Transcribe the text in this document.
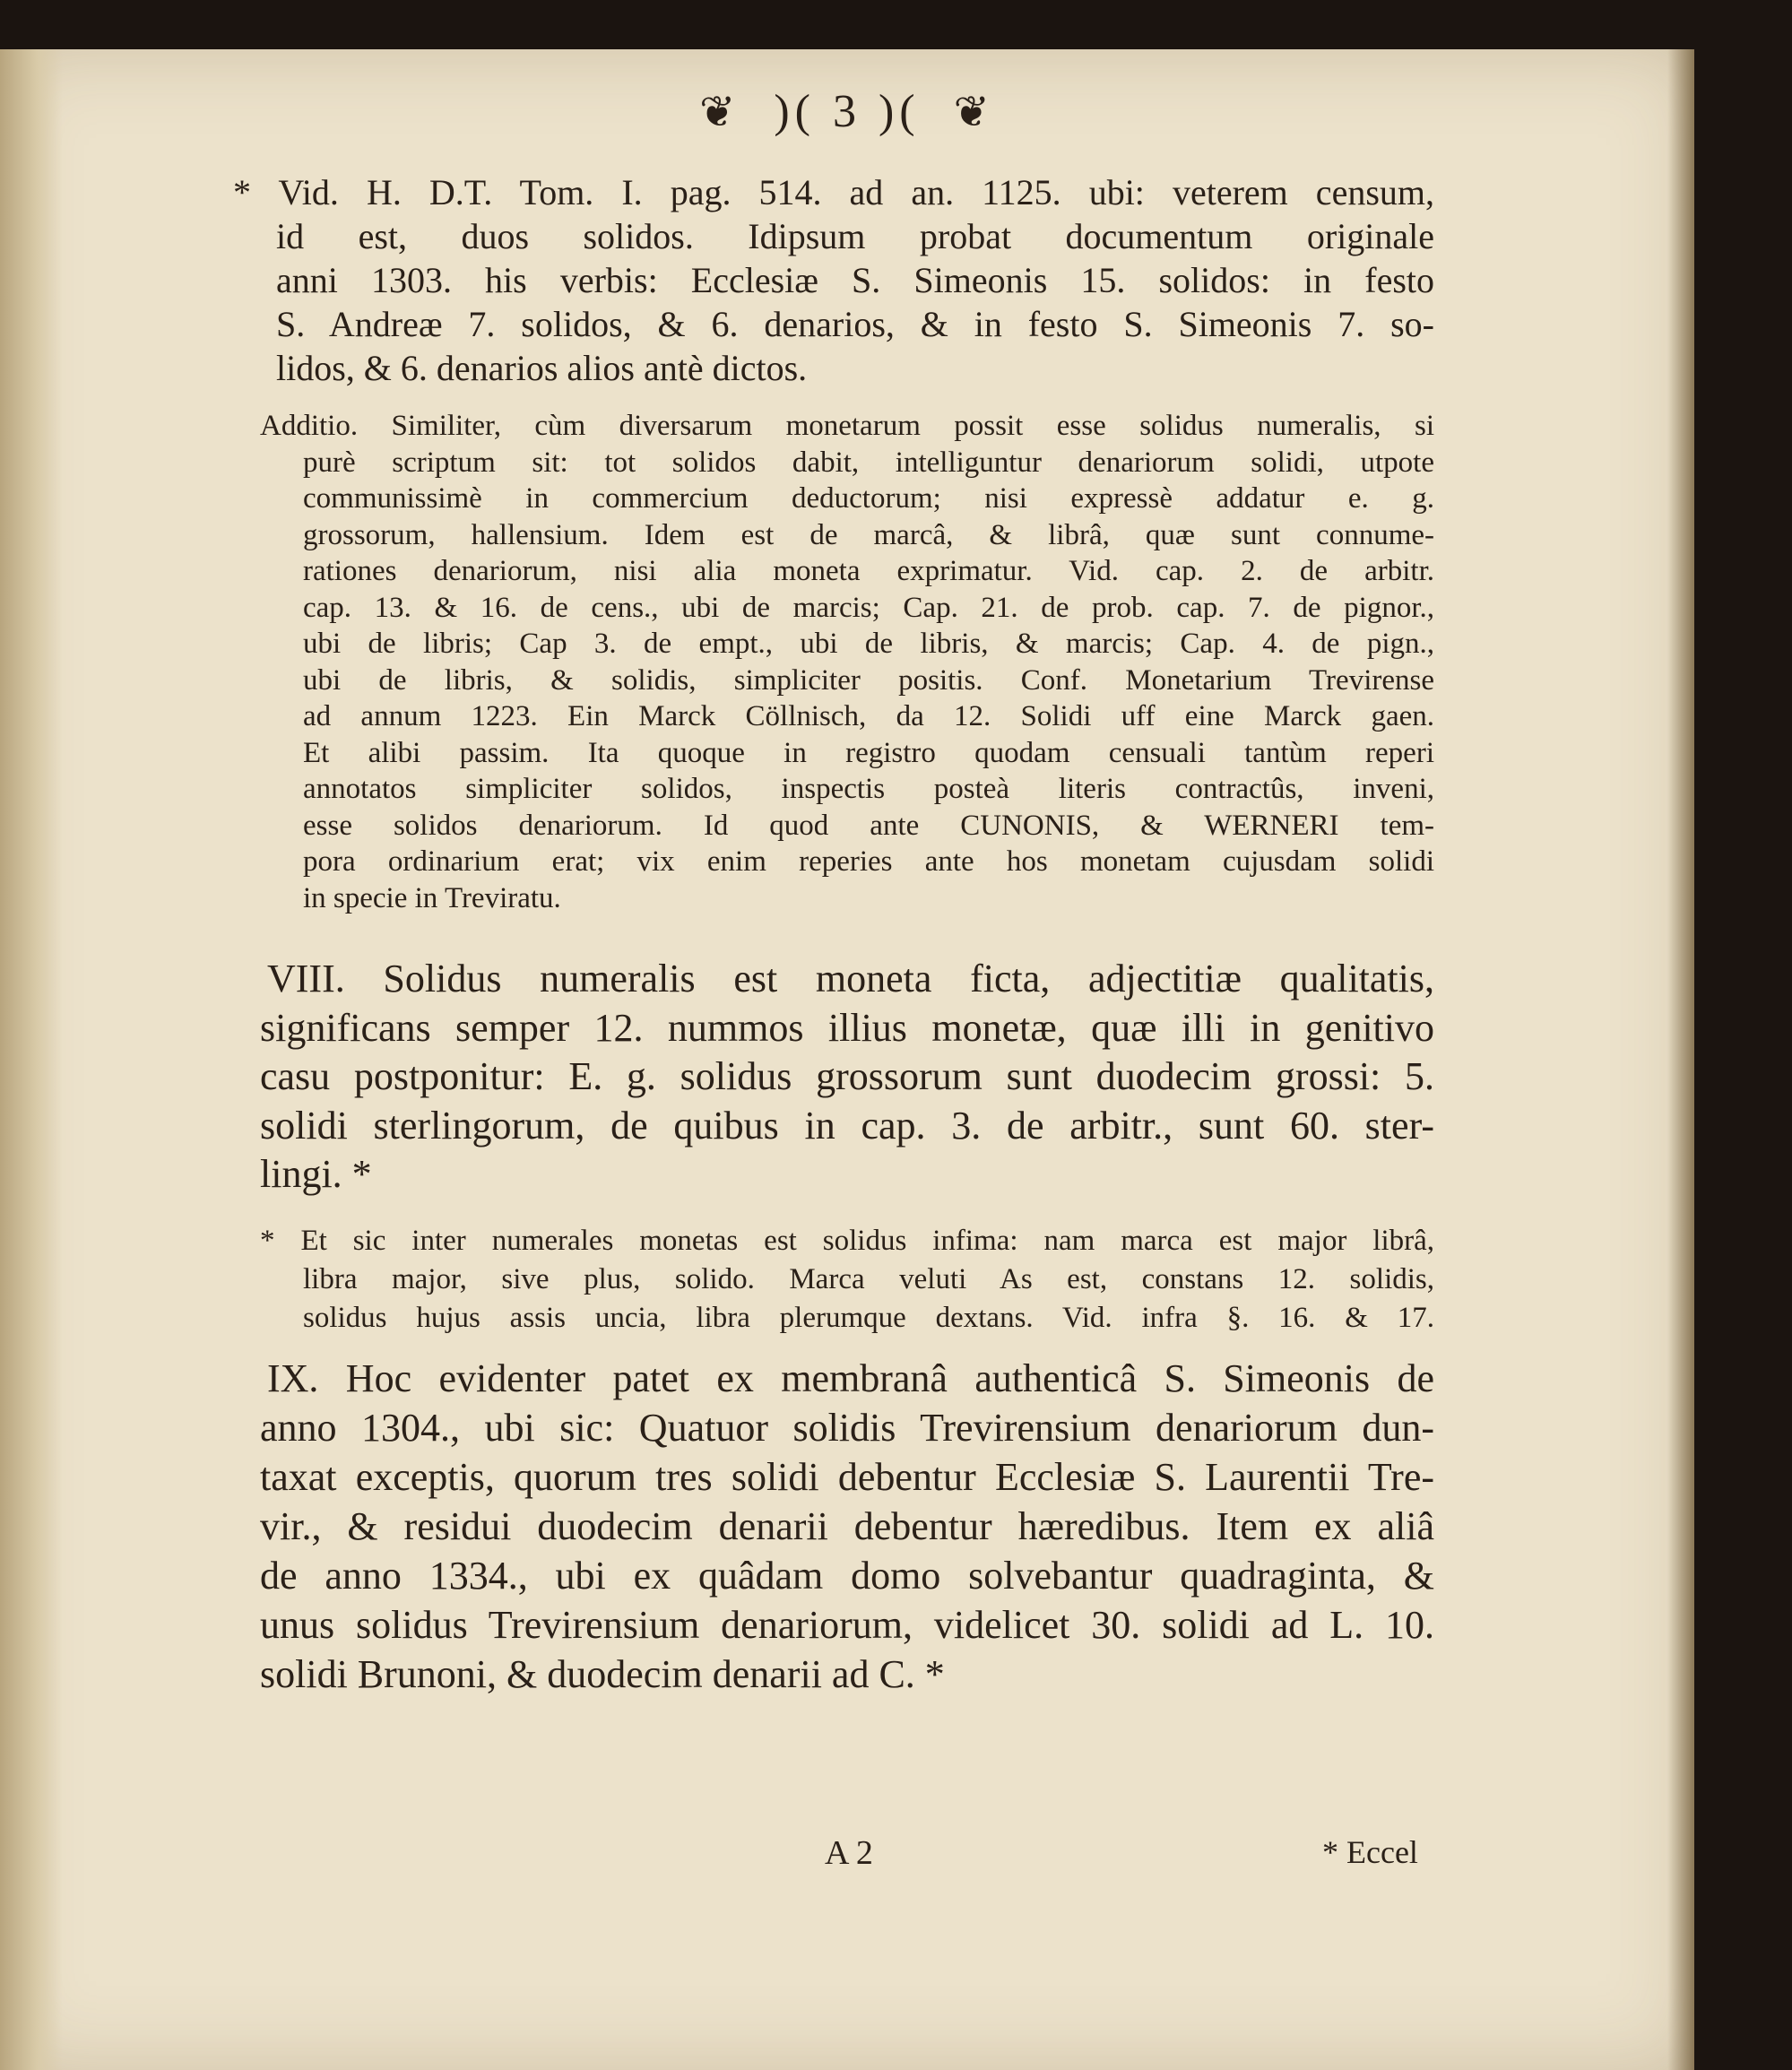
❦ )( 3 )( ❦
* Vid. H. D.T. Tom. I. pag. 514. ad an. 1125. ubi: veterem censum,
id est, duos solidos. Idipsum probat documentum originale
anni 1303. his verbis: Ecclesiæ S. Simeonis 15. solidos: in festo
S. Andreæ 7. solidos, & 6. denarios, & in festo S. Simeonis 7. so-
lidos, & 6. denarios alios antè dictos.
Additio. Similiter, cùm diversarum monetarum possit esse solidus numeralis, si
purè scriptum sit: tot solidos dabit, intelliguntur denariorum solidi, utpote
communissimè in commercium deductorum; nisi expressè addatur e. g.
grossorum, hallensium. Idem est de marcâ, & librâ, quæ sunt connume-
rationes denariorum, nisi alia moneta exprimatur. Vid. cap. 2. de arbitr.
cap. 13. & 16. de cens., ubi de marcis; Cap. 21. de prob. cap. 7. de pignor.,
ubi de libris; Cap 3. de empt., ubi de libris, & marcis; Cap. 4. de pign.,
ubi de libris, & solidis, simpliciter positis. Conf. Monetarium Trevirense
ad annum 1223. Ein Marck Cöllnisch, da 12. Solidi uff eine Marck gaen.
Et alibi passim. Ita quoque in registro quodam censuali tantùm reperi
annotatos simpliciter solidos, inspectis posteà literis contractûs, inveni,
esse solidos denariorum. Id quod ante CUNONIS, & WERNERI tem-
pora ordinarium erat; vix enim reperies ante hos monetam cujusdam solidi
in specie in Treviratu.
VIII. Solidus numeralis est moneta ficta, adjectitiæ qualitatis,
significans semper 12. nummos illius monetæ, quæ illi in genitivo
casu postponitur: E. g. solidus grossorum sunt duodecim grossi: 5.
solidi sterlingorum, de quibus in cap. 3. de arbitr., sunt 60. ster-
lingi. *
* Et sic inter numerales monetas est solidus infima: nam marca est major librâ,
libra major, sive plus, solido. Marca veluti As est, constans 12. solidis,
solidus hujus assis uncia, libra plerumque dextans. Vid. infra §. 16. & 17.
IX. Hoc evidenter patet ex membranâ authenticâ S. Simeonis de
anno 1304., ubi sic: Quatuor solidis Trevirensium denariorum dun-
taxat exceptis, quorum tres solidi debentur Ecclesiæ S. Laurentii Tre-
vir., & residui duodecim denarii debentur hæredibus. Item ex aliâ
de anno 1334., ubi ex quâdam domo solvebantur quadraginta, &
unus solidus Trevirensium denariorum, videlicet 30. solidi ad L. 10.
solidi Brunoni, & duodecim denarii ad C. *
A 2	* Eccel
